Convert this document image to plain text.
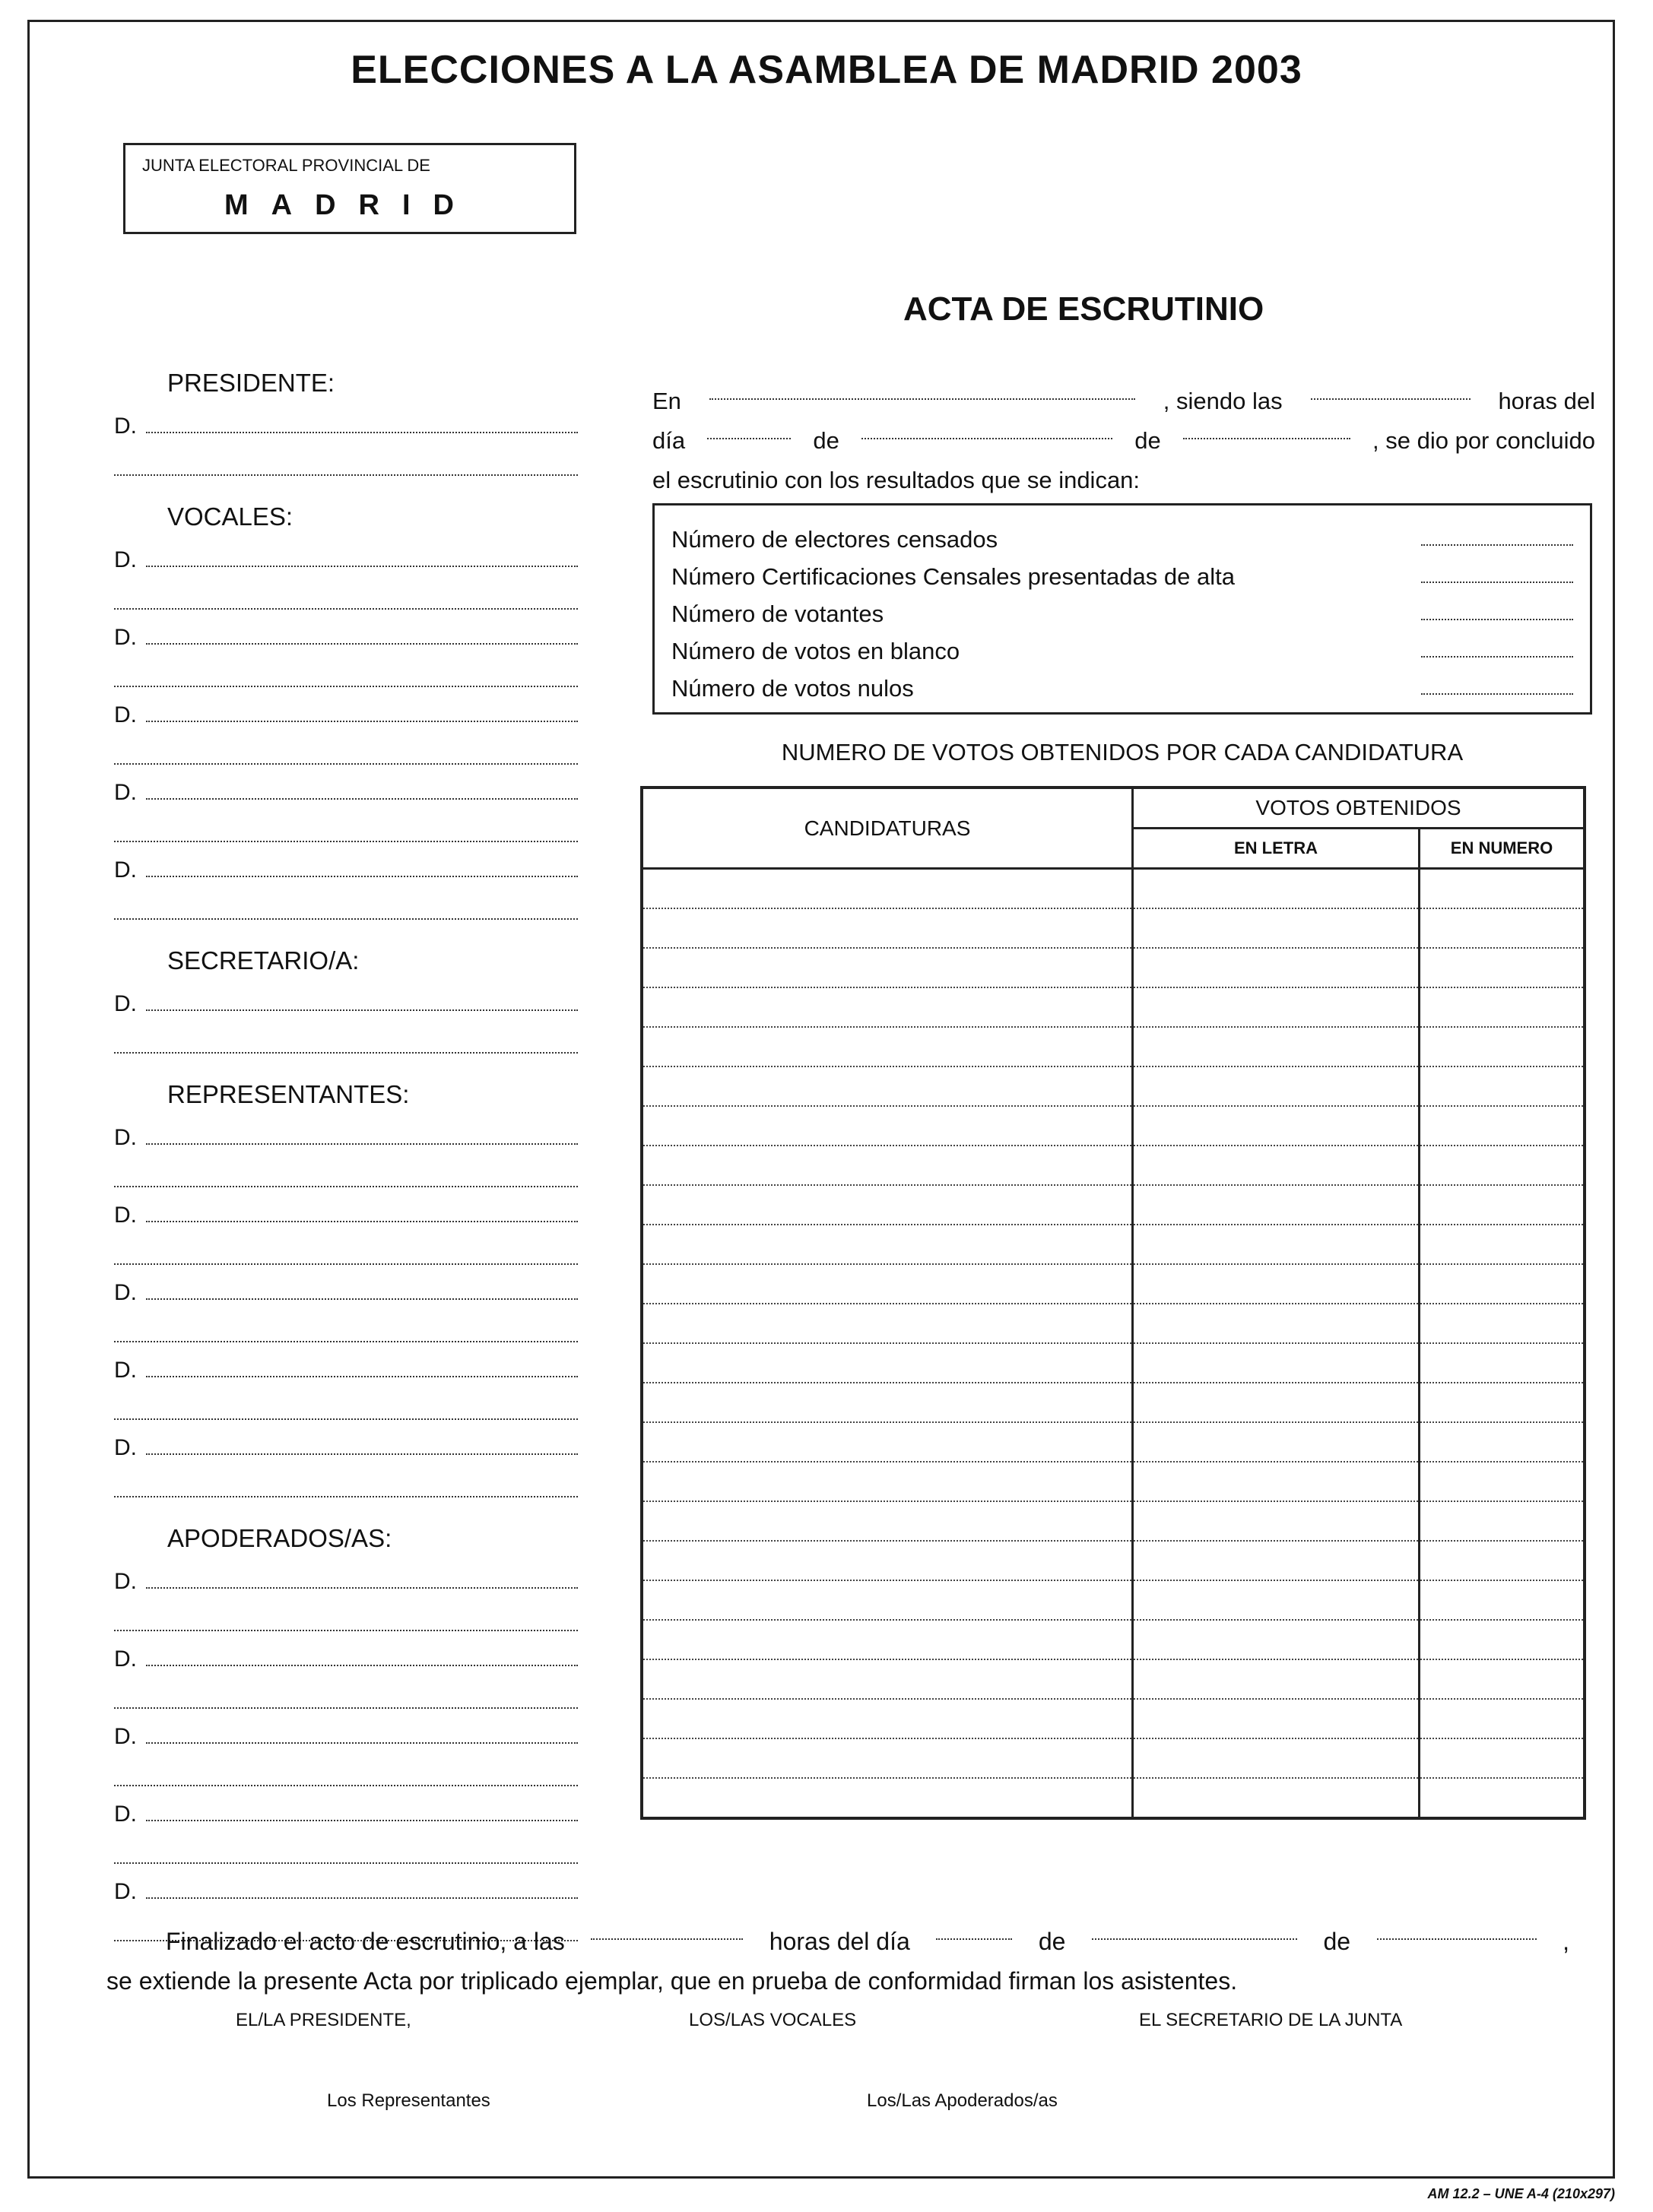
ELECCIONES A LA ASAMBLEA DE MADRID 2003
JUNTA ELECTORAL PROVINCIAL DE
MADRID
ACTA DE ESCRUTINIO
PRESIDENTE:
D.
VOCALES:
D.
D.
D.
D.
D.
SECRETARIO/A:
D.
REPRESENTANTES:
D.
D.
D.
D.
D.
APODERADOS/AS:
D.
D.
D.
D.
D.
En	, siendo las	horas del
día	de	de	, se dio por concluido
el escrutinio con los resultados que se indican:
Número de electores censados
Número Certificaciones Censales presentadas de alta
Número de votantes
Número de votos en blanco
Número de votos nulos
NUMERO DE VOTOS OBTENIDOS POR CADA CANDIDATURA
CANDIDATURAS	VOTOS OBTENIDOS	
	EN LETRA	EN NUMERO

Finalizado el acto de escrutinio, a las	horas del día	de	de	,
se extiende la presente Acta por triplicado ejemplar, que en prueba de conformidad firman los asistentes.
EL/LA PRESIDENTE,	LOS/LAS VOCALES	EL SECRETARIO DE LA JUNTA
Los Representantes	Los/Las Apoderados/as
AM 12.2 – UNE A-4 (210x297)
